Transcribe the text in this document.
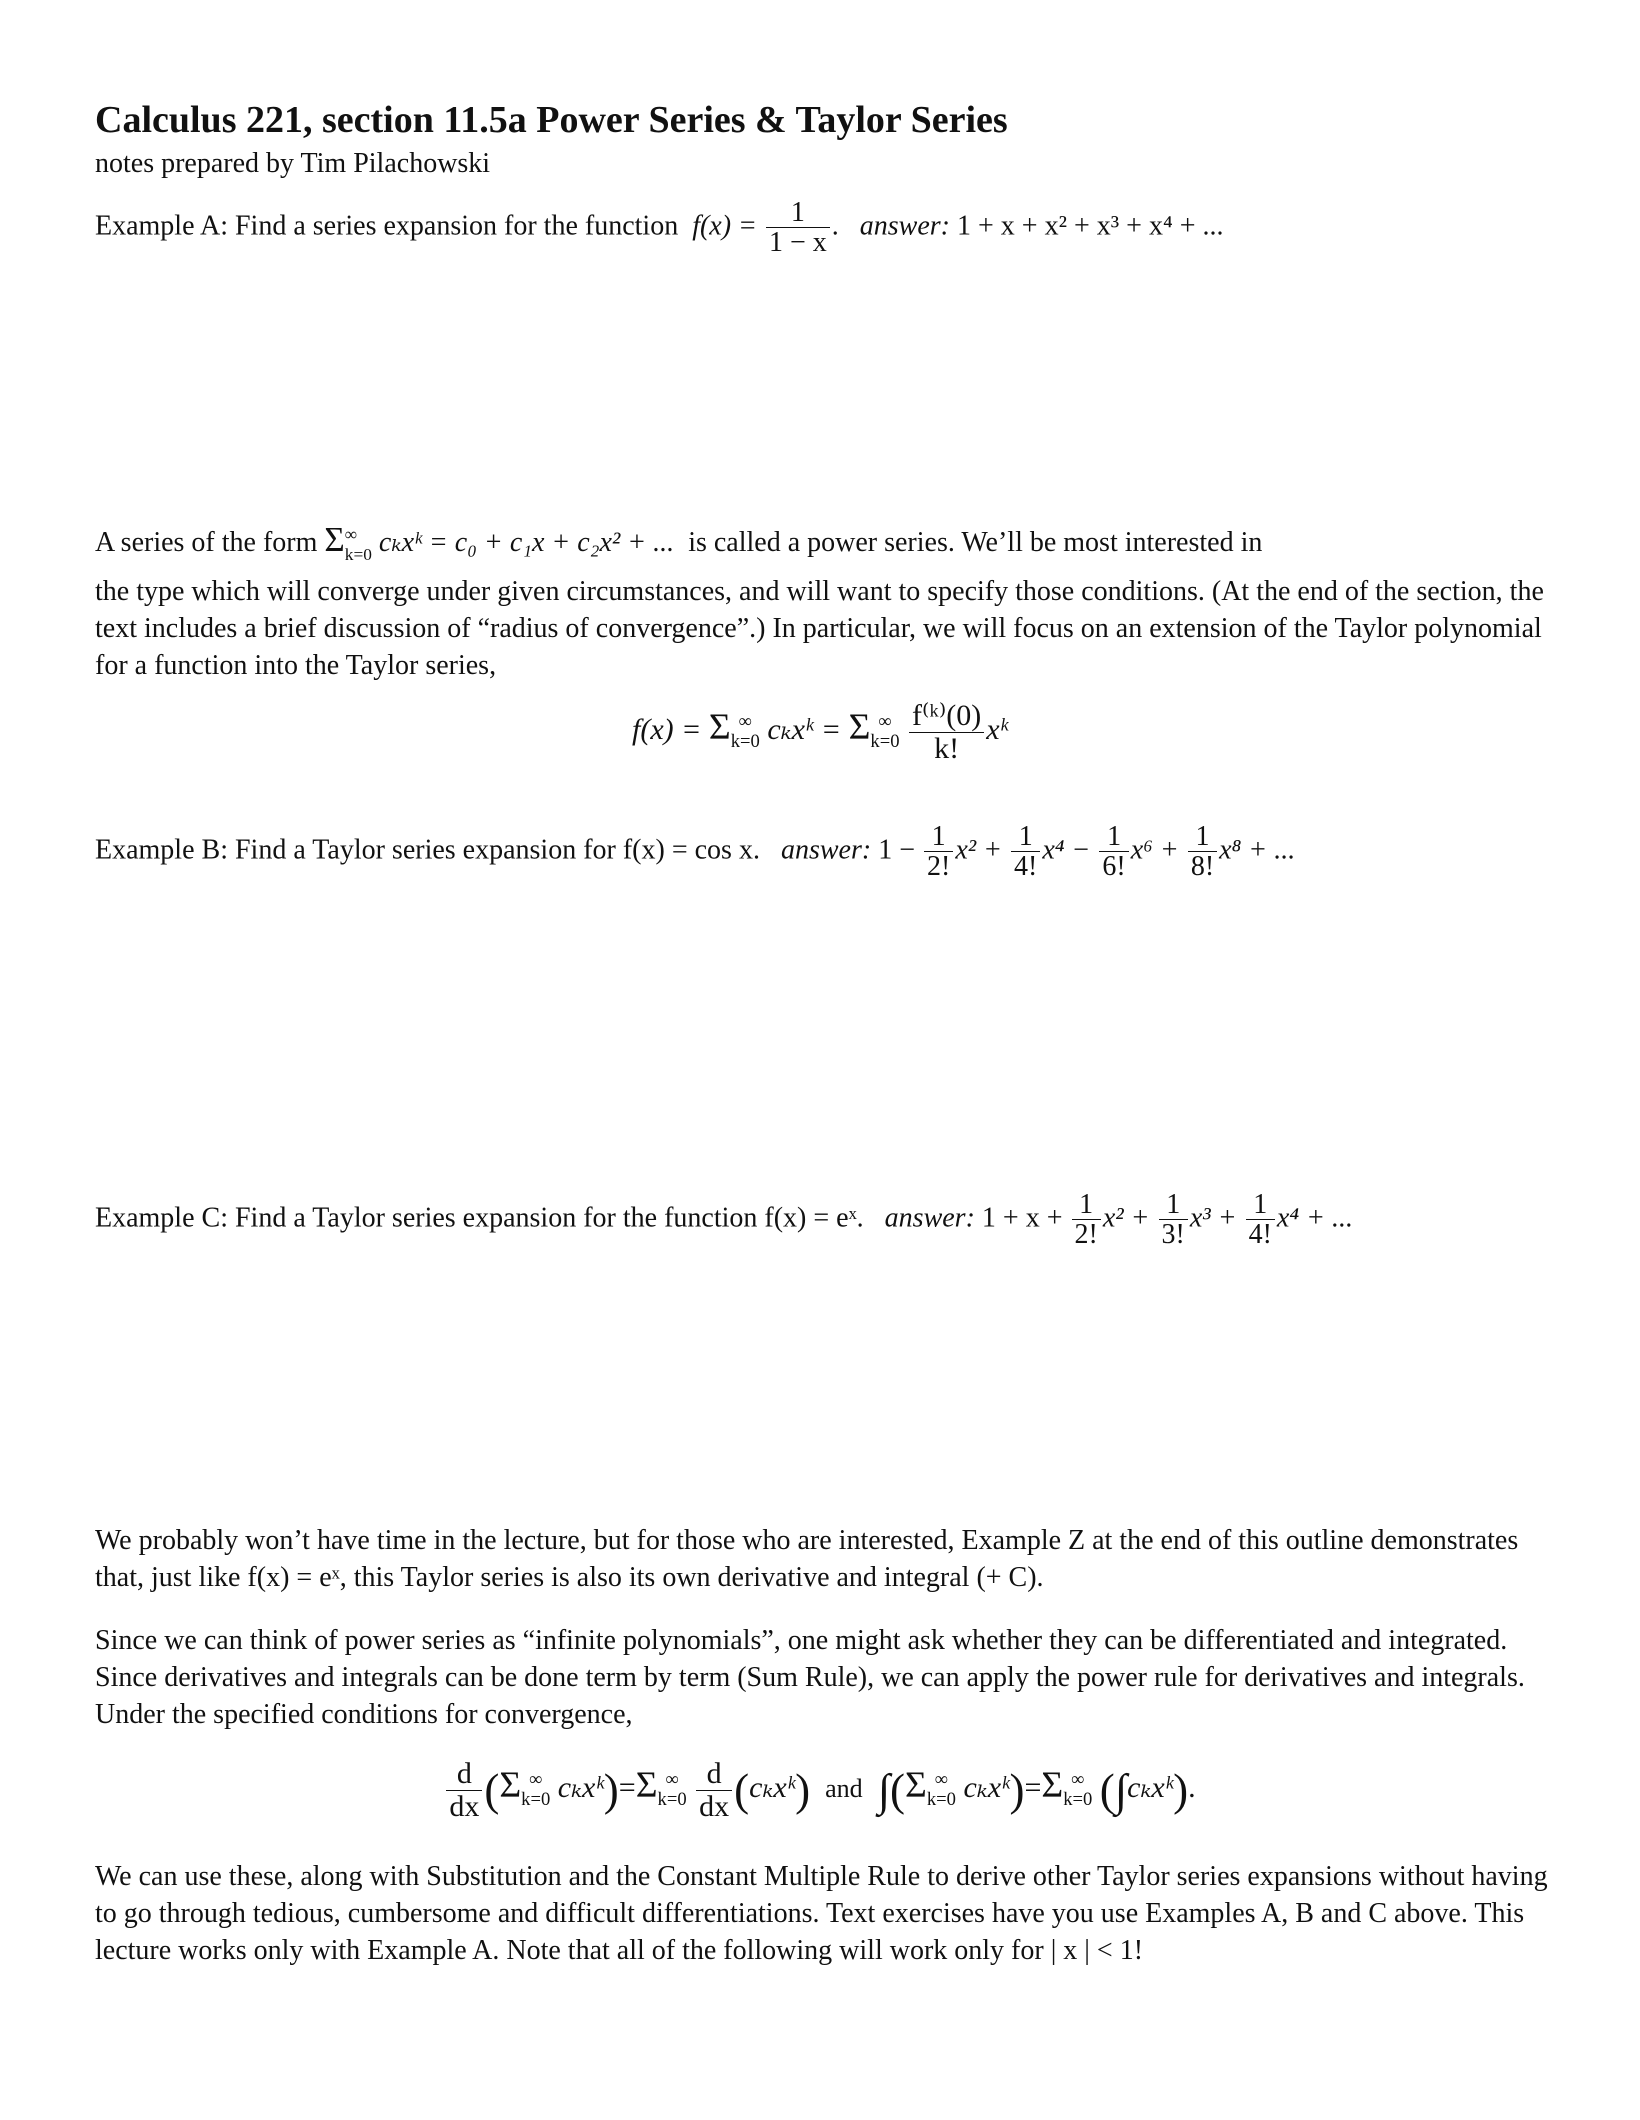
Calculus 221, section 11.5a Power Series & Taylor Series
notes prepared by Tim Pilachowski
Example A: Find a series expansion for the function $f(x) = \frac{1}{1 - x}$ .   answer: 1 + x + x² + x³ + x⁴ + ...
A series of the form Σ∞
k=0 cₖxᵏ = c₀ + c₁x + c₂x² + ... is called a power series. We’ll be most interested in

the type which will converge under given circumstances, and will want to specify those conditions. (At the end of the section, the text includes a brief discussion of “radius of convergence”.) In particular, we will focus on an extension of the Taylor polynomial for a function into the Taylor series,

f(x) = Σ ∞
k=0 cₖxᵏ = Σ ∞
$k=0 \frac{\text{f⁽ᵏ⁾(0)}}{k!}$ xᵏ
Example B: Find a Taylor series expansion for f(x) = cos x. answer: $1 - \frac{1}{2!} x^2 + \frac{1}{4!} x^4 - \frac{1}{6!} x^6 + \frac{1}{8!} x^8$ + ...
Example C: Find a Taylor series expansion for the function f(x) = eˣ. answer: $1 + x + \frac{1}{2!} x^2 + \frac{1}{3!} x^3 + \frac{1}{4!} x^4$ + ...

We probably won’t have time in the lecture, but for those who are interested, Example Z at the end of this outline demonstrates that, just like f(x) = eˣ, this Taylor series is also its own derivative and integral (+ C).

Since we can think of power series as “infinite polynomials”, one might ask whether they can be differentiated and integrated. Since derivatives and integrals can be done term by term (Sum Rule), we can apply the power rule for derivatives and integrals. Under the specified conditions for convergence,

$\frac{d}{dx} (\Sigma$ ∞
k=0 cₖxᵏ)=Σ ∞
$k=0 \frac{d}{dx}$ (cₖxᵏ) and ∫(Σ ∞
k=0 cₖxᵏ)=Σ ∞
k=0 (∫cₖxᵏ).

We can use these, along with Substitution and the Constant Multiple Rule to derive other Taylor series expansions without having to go through tedious, cumbersome and difficult differentiations. Text exercises have you use Examples A, B and C above. This lecture works only with Example A. Note that all of the following will work only for | x | < 1!
